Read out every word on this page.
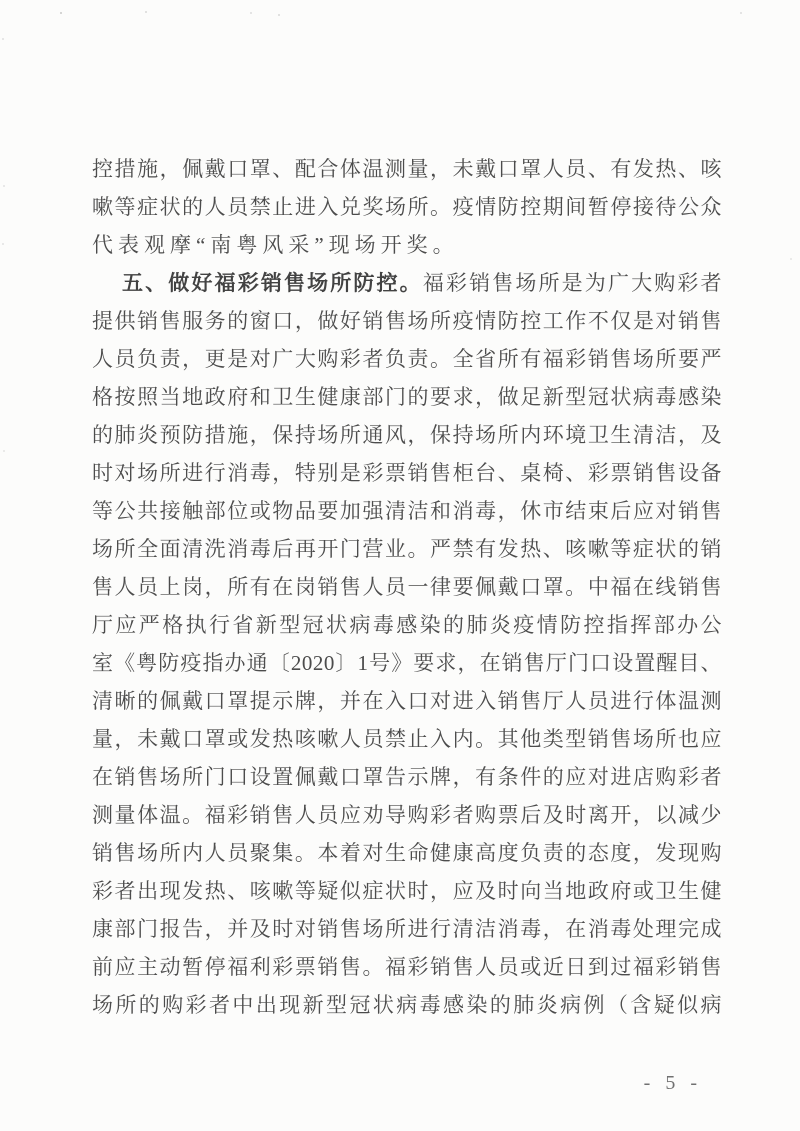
控措施，佩戴口罩、配合体温测量，未戴口罩人员、有发热、咳
嗽等症状的人员禁止进入兑奖场所。疫情防控期间暂停接待公众
代表观摩“南粤风采”现场开奖。
五、做好福彩销售场所防控。福彩销售场所是为广大购彩者
提供销售服务的窗口，做好销售场所疫情防控工作不仅是对销售
人员负责，更是对广大购彩者负责。全省所有福彩销售场所要严
格按照当地政府和卫生健康部门的要求，做足新型冠状病毒感染
的肺炎预防措施，保持场所通风，保持场所内环境卫生清洁，及
时对场所进行消毒，特别是彩票销售柜台、桌椅、彩票销售设备
等公共接触部位或物品要加强清洁和消毒，休市结束后应对销售
场所全面清洗消毒后再开门营业。严禁有发热、咳嗽等症状的销
售人员上岗，所有在岗销售人员一律要佩戴口罩。中福在线销售
厅应严格执行省新型冠状病毒感染的肺炎疫情防控指挥部办公
室《粤防疫指办通〔2020〕1号》要求，在销售厅门口设置醒目、
清晰的佩戴口罩提示牌，并在入口对进入销售厅人员进行体温测
量，未戴口罩或发热咳嗽人员禁止入内。其他类型销售场所也应
在销售场所门口设置佩戴口罩告示牌，有条件的应对进店购彩者
测量体温。福彩销售人员应劝导购彩者购票后及时离开，以减少
销售场所内人员聚集。本着对生命健康高度负责的态度，发现购
彩者出现发热、咳嗽等疑似症状时，应及时向当地政府或卫生健
康部门报告，并及时对销售场所进行清洁消毒，在消毒处理完成
前应主动暂停福利彩票销售。福彩销售人员或近日到过福彩销售
场所的购彩者中出现新型冠状病毒感染的肺炎病例（含疑似病
- 5 -
